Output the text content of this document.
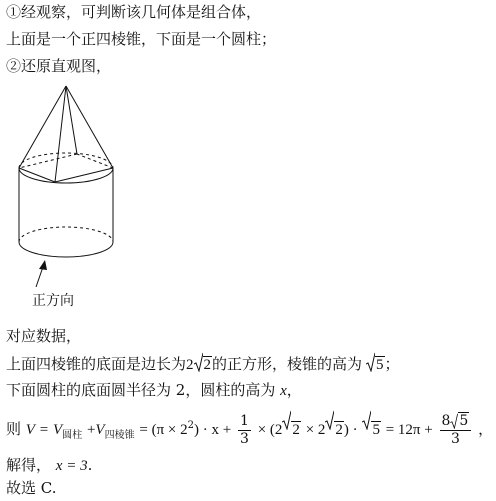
①经观察，可判断该几何体是组合体，
上面是一个正四棱锥，下面是一个圆柱；
②还原直观图，
正方向
对应数据，
上面四棱锥的底面是边长为2 2的正方形，棱锥的高为 5；
下面圆柱的底面圆半径为 2，圆柱的高为 x，
则 $V = V_{圆柱} +V_{四棱锥} = (\pi \times 2^2) \cdot x + \frac{1}{3} \times (2$ 2 × 2 $2) \cdot 5 = 12\pi + \frac{8 5}{3}$ ，
解得， x = 3.
故选 C.
